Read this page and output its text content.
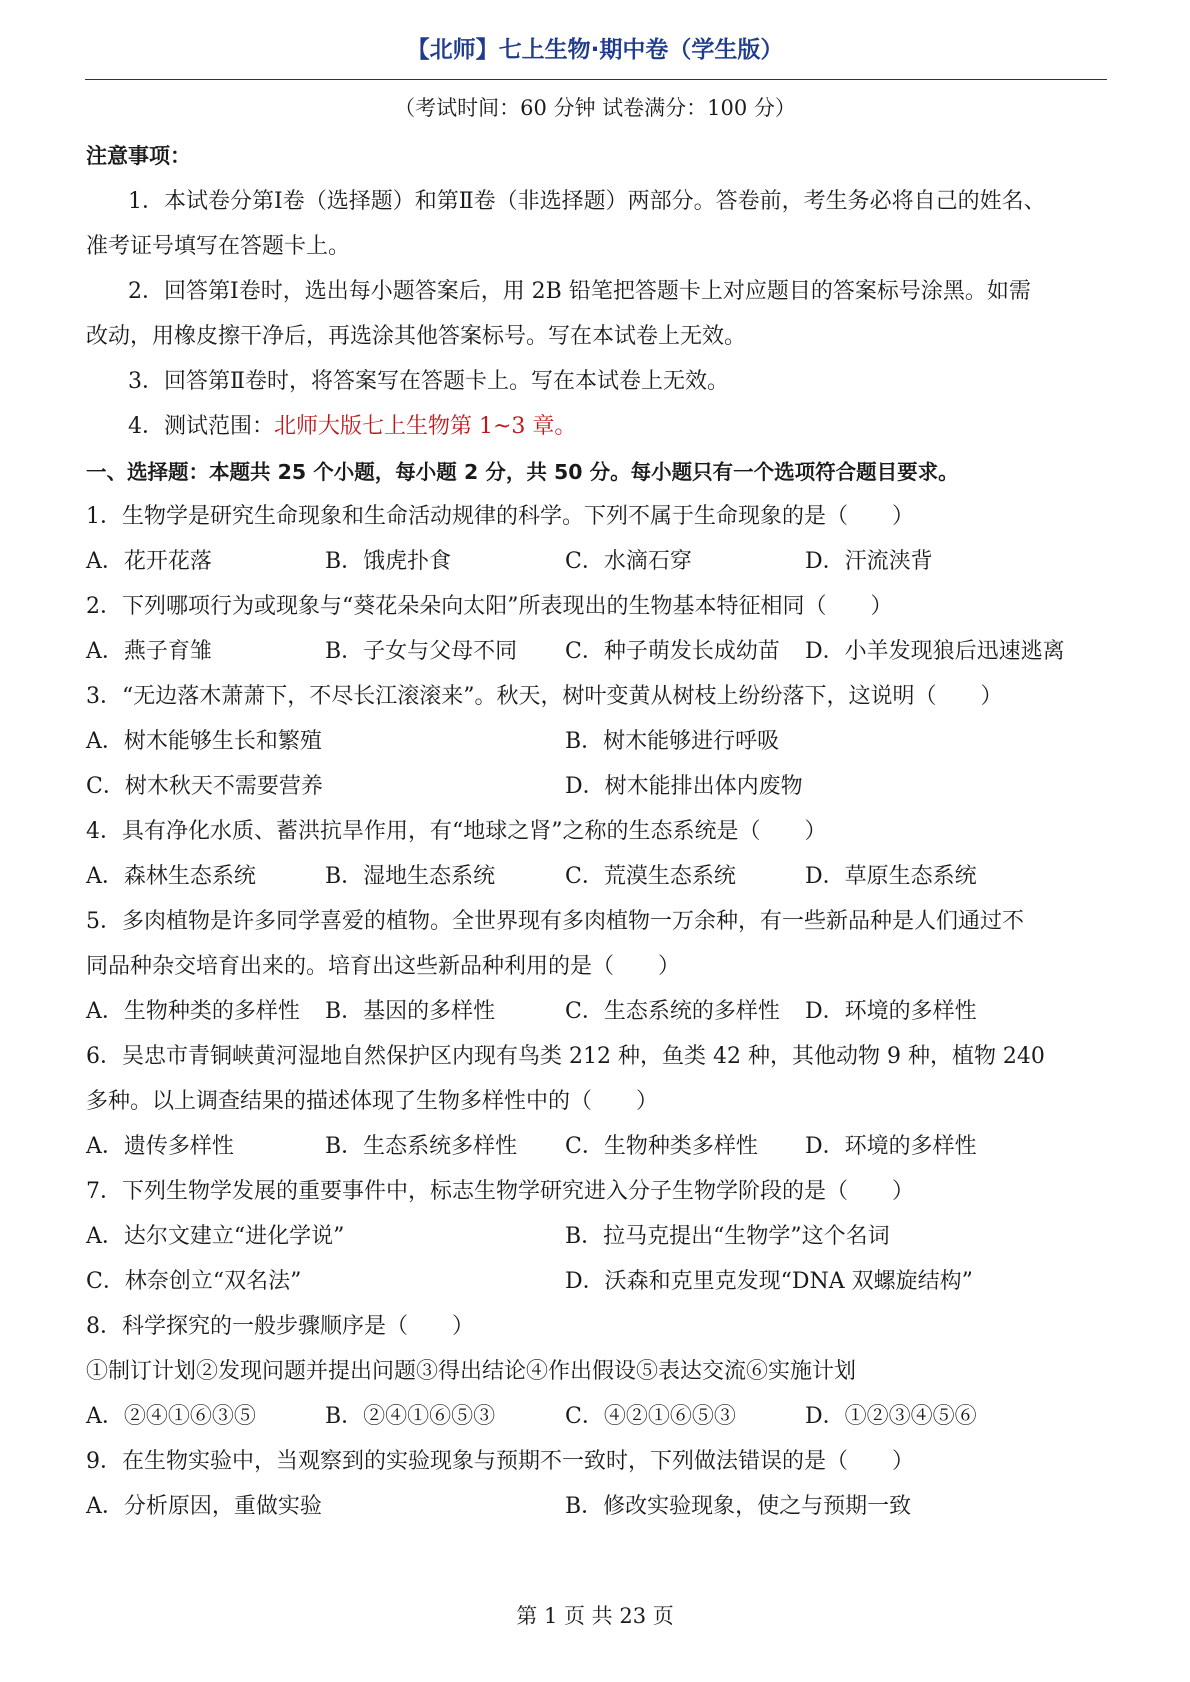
【北师】七上生物·期中卷（学生版）
（考试时间：60 分钟 试卷满分：100 分）
注意事项：
1．本试卷分第Ⅰ卷（选择题）和第Ⅱ卷（非选择题）两部分。答卷前，考生务必将自己的姓名、
准考证号填写在答题卡上。
2．回答第Ⅰ卷时，选出每小题答案后，用 2B 铅笔把答题卡上对应题目的答案标号涂黑。如需
改动，用橡皮擦干净后，再选涂其他答案标号。写在本试卷上无效。
3．回答第Ⅱ卷时，将答案写在答题卡上。写在本试卷上无效。
4．测试范围：北师大版七上生物第 1~3 章。
一、选择题：本题共 25 个小题，每小题 2 分，共 50 分。每小题只有一个选项符合题目要求。
1．生物学是研究生命现象和生命活动规律的科学。下列不属于生命现象的是（　　）
A．花开花落	B．饿虎扑食	C．水滴石穿	D．汗流浃背
2．下列哪项行为或现象与“葵花朵朵向太阳”所表现出的生物基本特征相同（　　）
A．燕子育雏	B．子女与父母不同 C．种子萌发长成幼苗 D．小羊发现狼后迅速逃离
3．“无边落木萧萧下，不尽长江滚滚来”。秋天，树叶变黄从树枝上纷纷落下，这说明（　　）
A．树木能够生长和繁殖	B．树木能够进行呼吸
C．树木秋天不需要营养	D．树木能排出体内废物
4．具有净化水质、蓄洪抗旱作用，有“地球之肾”之称的生态系统是（　　）
A．森林生态系统	B．湿地生态系统	C．荒漠生态系统	D．草原生态系统
5．多肉植物是许多同学喜爱的植物。全世界现有多肉植物一万余种，有一些新品种是人们通过不
同品种杂交培育出来的。培育出这些新品种利用的是（　　）
A．生物种类的多样性 B．基因的多样性	C．生态系统的多样性 D．环境的多样性
6．吴忠市青铜峡黄河湿地自然保护区内现有鸟类 212 种，鱼类 42 种，其他动物 9 种，植物 240
多种。以上调查结果的描述体现了生物多样性中的（　　）
A．遗传多样性	B．生态系统多样性 C．生物种类多样性 D．环境的多样性
7．下列生物学发展的重要事件中，标志生物学研究进入分子生物学阶段的是（　　）
A．达尔文建立“进化学说”	B．拉马克提出“生物学”这个名词
C．林奈创立“双名法”	D．沃森和克里克发现“DNA 双螺旋结构”
8．科学探究的一般步骤顺序是（　　）
①制订计划②发现问题并提出问题③得出结论④作出假设⑤表达交流⑥实施计划
A．②④①⑥③⑤	B．②④①⑥⑤③	C．④②①⑥⑤③	D．①②③④⑤⑥
9．在生物实验中，当观察到的实验现象与预期不一致时，下列做法错误的是（　　）
A．分析原因，重做实验	B．修改实验现象，使之与预期一致
第 1 页 共 23 页
